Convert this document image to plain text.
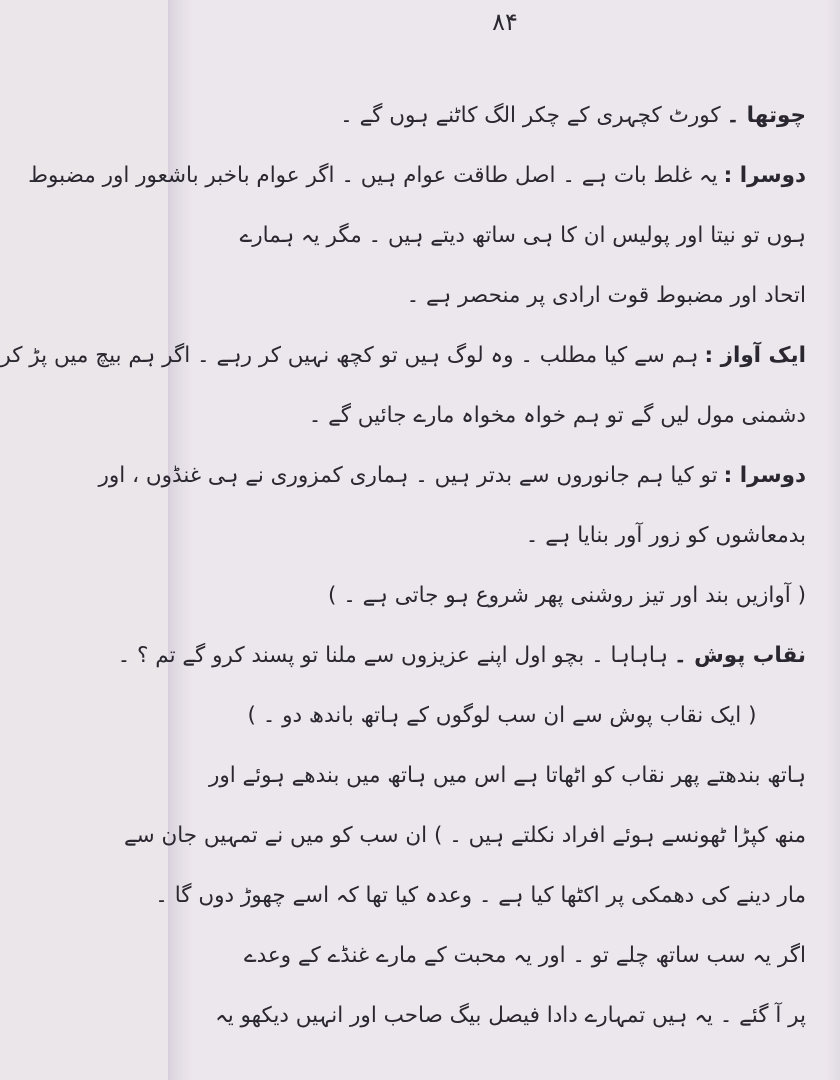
۸۴
چوتھا ۔
کورٹ کچہری کے چکر الگ کاٹنے ہوں گے ۔
دوسرا :
یہ غلط بات ہے ۔ اصل طاقت عوام ہیں ۔ اگر عوام باخبر باشعور اور مضبوط
ہوں تو نیتا اور پولیس ان کا ہی ساتھ دیتے ہیں ۔ مگر یہ ہمارے
اتحاد اور مضبوط قوت ارادی پر منحصر ہے ۔
ایک آواز :
ہم سے کیا مطلب ۔ وہ لوگ ہیں تو کچھ نہیں کر رہے ۔ اگر ہم بیچ میں پڑ کر
دشمنی مول لیں گے تو ہم خواہ مخواہ مارے جائیں گے ۔
دوسرا :
تو کیا ہم جانوروں سے بدتر ہیں ۔ ہماری کمزوری نے ہی غنڈوں ، اور
بدمعاشوں کو زور آور بنایا ہے ۔
( آوازیں بند اور تیز روشنی پھر شروع ہو جاتی ہے ۔ )
نقاب پوش ۔
ہاہاہا ۔ بچو اول اپنے عزیزوں سے ملنا تو پسند کرو گے تم ؟ ۔
( ایک نقاب پوش سے ان سب لوگوں کے ہاتھ باندھ دو ۔ )
ہاتھ بندھتے پھر نقاب کو اٹھاتا ہے اس میں ہاتھ میں بندھے ہوئے اور
منھ کپڑا ٹھونسے ہوئے افراد نکلتے ہیں ۔ ) ان سب کو میں نے تمہیں جان سے
مار دینے کی دھمکی پر اکٹھا کیا ہے ۔ وعدہ کیا تھا کہ اسے چھوڑ دوں گا ۔
اگر یہ سب ساتھ چلے تو ۔ اور یہ محبت کے مارے غنڈے کے وعدے
پر آ گئے ۔ یہ ہیں تمہارے دادا فیصل بیگ صاحب اور انہیں دیکھو یہ
